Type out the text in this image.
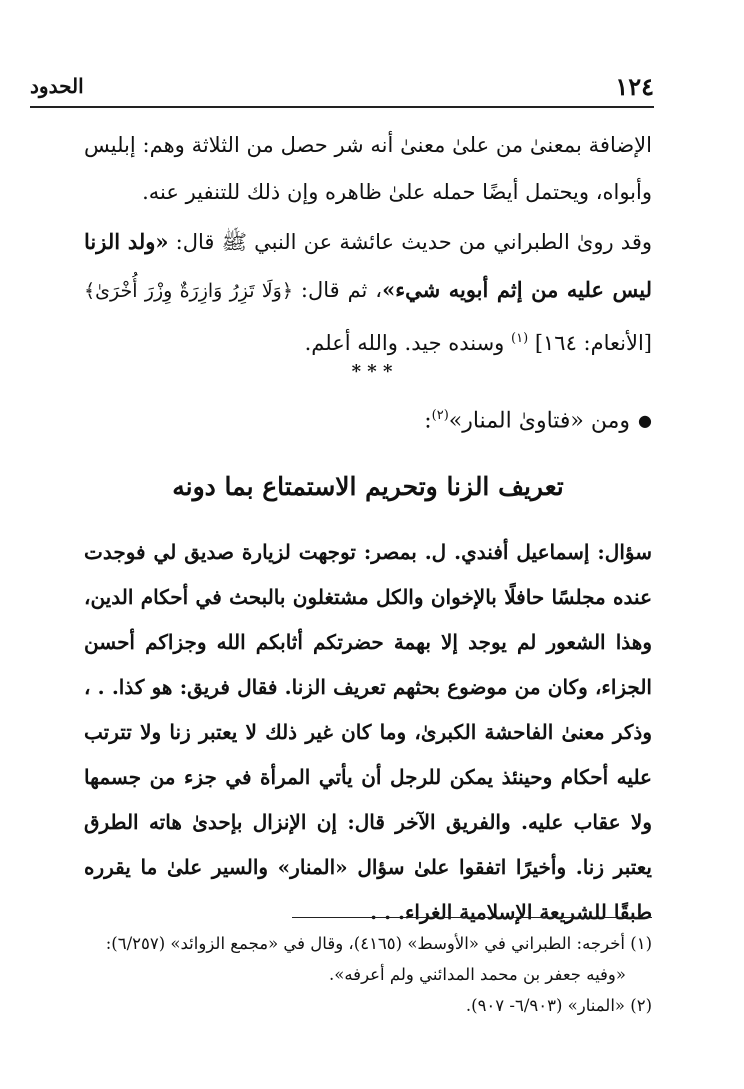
١٢٤
الحدود
الإضافة بمعنىٰ من علىٰ معنىٰ أنه شر حصل من الثلاثة وهم: إبليس وأبواه، ويحتمل أيضًا حمله علىٰ ظاهره وإن ذلك للتنفير عنه.
وقد روىٰ الطبراني من حديث عائشة عن النبي ﷺ قال: «ولد الزنا ليس عليه من إثم أبويه شيء»، ثم قال: ﴿وَلَا تَزِرُ وَازِرَةٌ وِزْرَ أُخْرَىٰ﴾ [الأنعام: ١٦٤] $^{(١)}$ وسنده جيد. والله أعلم.
* * *
●
ومن «فتاوىٰ المنار»$^{(٢)}$:
تعريف الزنا وتحريم الاستمتاع بما دونه
سؤال: إسماعيل أفندي. ل. بمصر: توجهت لزيارة صديق لي فوجدت عنده مجلسًا حافلًا بالإخوان والكل مشتغلون بالبحث في أحكام الدين، وهذا الشعور لم يوجد إلا بهمة حضرتكم أثابكم الله وجزاكم أحسن الجزاء، وكان من موضوع بحثهم تعريف الزنا. فقال فريق: هو كذا. . ، وذكر معنىٰ الفاحشة الكبرىٰ، وما كان غير ذلك لا يعتبر زنا ولا تترتب عليه أحكام وحينئذ يمكن للرجل أن يأتي المرأة في جزء من جسمها ولا عقاب عليه. والفريق الآخر قال: إن الإنزال بإحدىٰ هاته الطرق يعتبر زنا. وأخيرًا اتفقوا علىٰ سؤال «المنار» والسير علىٰ ما يقرره طبقًا للشريعة الإسلامية الغراء. . .

(١) أخرجه: الطبراني في «الأوسط» (٤١٦٥)، وقال في «مجمع الزوائد» (٦/٢٥٧):

«وفيه جعفر بن محمد المدائني ولم أعرفه».

(٢) «المنار» (٦/٩٠٣- ٩٠٧).
